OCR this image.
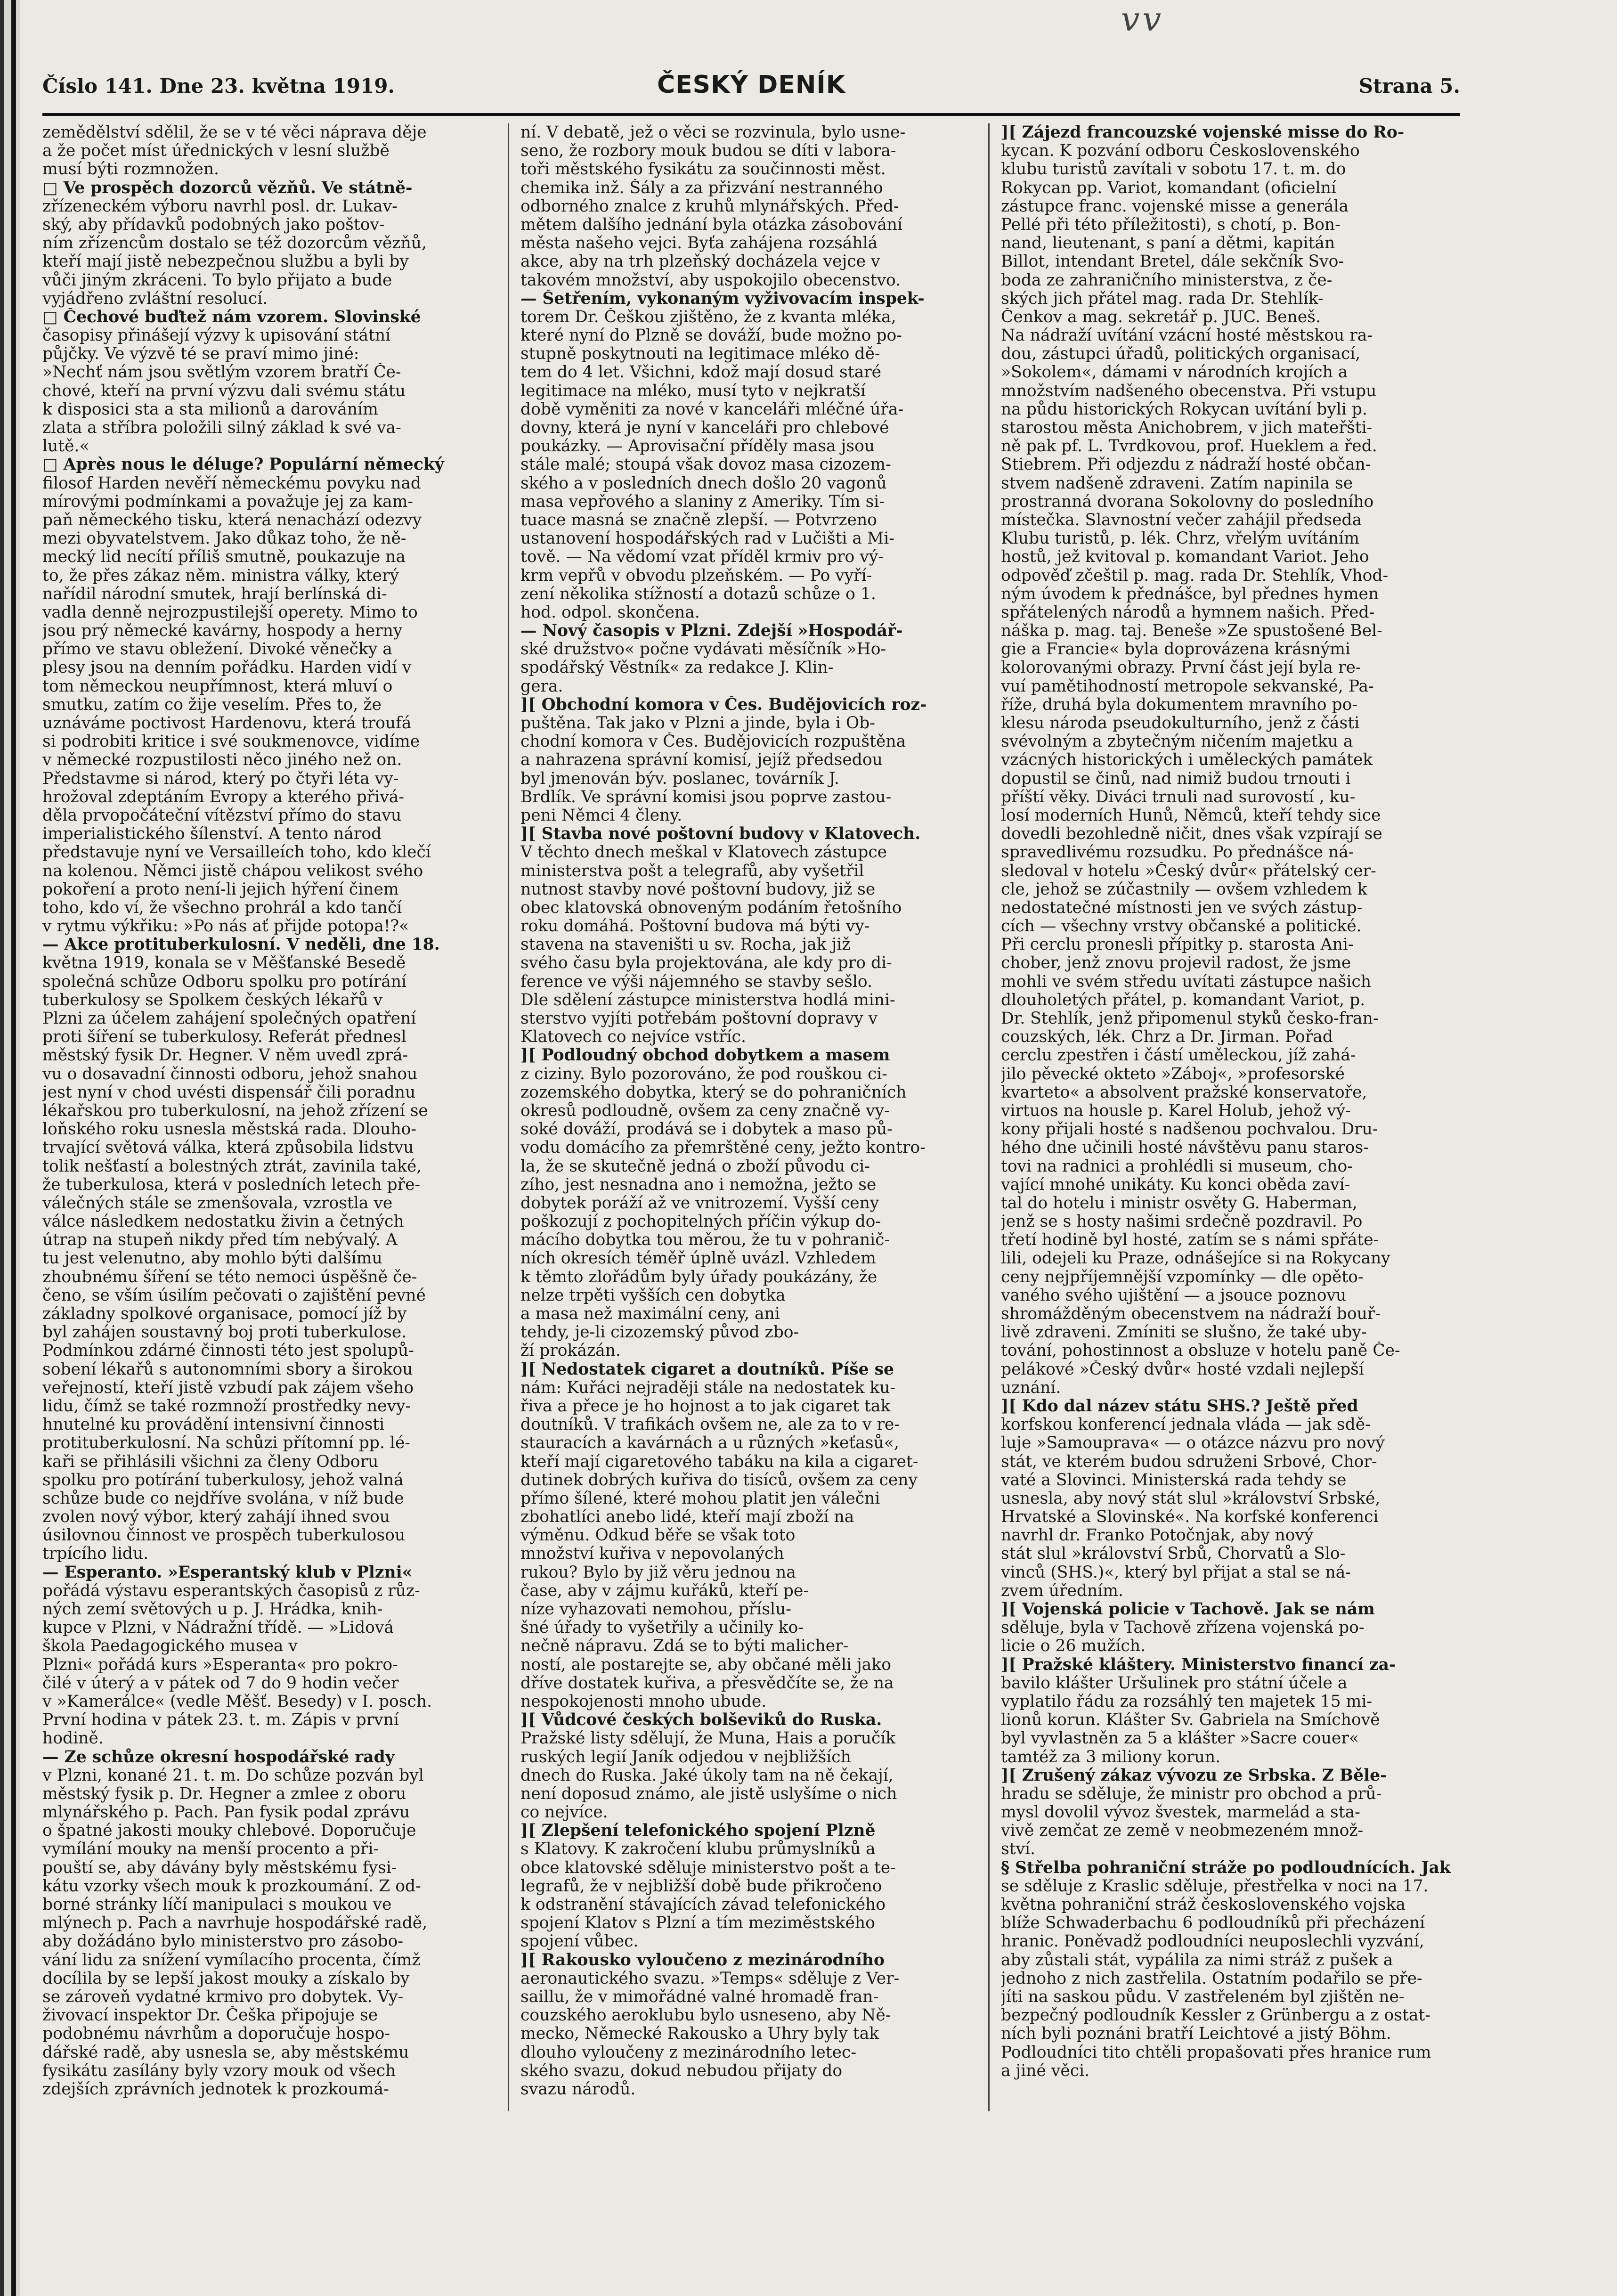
vv
Číslo 141. Dne 23. května 1919.	ČESKÝ DENÍK	Strana 5.
zemědělství sdělil, že se v té věci náprava děje
a že počet míst úřednických v lesní službě
musí býti rozmnožen.
□ Ve prospěch dozorců vězňů. Ve státně-
zřízeneckém výboru navrhl posl. dr. Lukav-
ský, aby přídavků podobných jako poštov-
ním zřízencům dostalo se též dozorcům vězňů,
kteří mají jistě nebezpečnou službu a byli by
vůči jiným zkráceni. To bylo přijato a bude
vyjádřeno zvláštní resolucí.
□ Čechové buďtež nám vzorem. Slovinské
časopisy přinášejí výzvy k upisování státní
půjčky. Ve výzvě té se praví mimo jiné:
»Nechť nám jsou světlým vzorem bratří Če-
chové, kteří na první výzvu dali svému státu
k disposici sta a sta milionů a darováním
zlata a stříbra položili silný základ k své va-
lutě.«
□ Après nous le déluge? Populární německý
filosof Harden nevěří německému povyku nad
mírovými podmínkami a považuje jej za kam-
paň německého tisku, která nenachází odezvy
mezi obyvatelstvem. Jako důkaz toho, že ně-
mecký lid necítí příliš smutně, poukazuje na
to, že přes zákaz něm. ministra války, který
nařídil národní smutek, hrají berlínská di-
vadla denně nejrozpustilejší operety. Mimo to
jsou prý německé kavárny, hospody a herny
přímo ve stavu obležení. Divoké věnečky a
plesy jsou na denním pořádku. Harden vidí v
tom německou neupřímnost, která mluví o
smutku, zatím co žije veselím. Přes to, že
uznáváme poctivost Hardenovu, která troufá
si podrobiti kritice i své soukmenovce, vidíme
v německé rozpustilosti něco jiného než on.
Představme si národ, který po čtyři léta vy-
hrožoval zdeptáním Evropy a kterého přivá-
děla prvopočáteční vítězství přímo do stavu
imperialistického šílenství. A tento národ
představuje nyní ve Versailleích toho, kdo klečí
na kolenou. Němci jistě chápou velikost svého
pokoření a proto není-li jejich hýření činem
toho, kdo ví, že všechno prohrál a kdo tančí
v rytmu výkřiku: »Po nás ať přijde potopa!?«
— Akce protituberkulosní. V neděli, dne 18.
května 1919, konala se v Měšťanské Besedě
společná schůze Odboru spolku pro potírání
tuberkulosy se Spolkem českých lékařů v
Plzni za účelem zahájení společných opatření
proti šíření se tuberkulosy. Referát přednesl
městský fysik Dr. Hegner. V něm uvedl zprá-
vu o dosavadní činnosti odboru, jehož snahou
jest nyní v chod uvésti dispensář čili poradnu
lékařskou pro tuberkulosní, na jehož zřízení se
loňského roku usnesla městská rada. Dlouho-
trvající světová válka, která způsobila lidstvu
tolik nešťastí a bolestných ztrát, zavinila také,
že tuberkulosa, která v posledních letech pře-
válečných stále se zmenšovala, vzrostla ve
válce následkem nedostatku živin a četných
útrap na stupeň nikdy před tím nebývalý. A
tu jest velenutno, aby mohlo býti dalšímu
zhoubnému šíření se této nemoci úspěšně če-
čeno, se vším úsilím pečovati o zajištění pevné
základny spolkové organisace, pomocí jíž by
byl zahájen soustavný boj proti tuberkulose.
Podmínkou zdárné činnosti této jest spolupů-
sobení lékařů s autonomními sbory a širokou
veřejností, kteří jistě vzbudí pak zájem všeho
lidu, čímž se také rozmnoží prostředky nevy-
hnutelné ku provádění intensivní činnosti
protituberkulosní. Na schůzi přítomní pp. lé-
kaři se přihlásili všichni za členy Odboru
spolku pro potírání tuberkulosy, jehož valná
schůze bude co nejdříve svolána, v níž bude
zvolen nový výbor, který zahájí ihned svou
úsilovnou činnost ve prospěch tuberkulosou
trpícího lidu.
— Esperanto. »Esperantský klub v Plzni«
pořádá výstavu esperantských časopisů z růz-
ných zemí světových u p. J. Hrádka, knih-
kupce v Plzni, v Nádražní třídě. — »Lidová
škola Paedagogického musea v
Plzni« pořádá kurs »Esperanta« pro pokro-
čilé v úterý a v pátek od 7 do 9 hodin večer
v »Kamerálce« (vedle Měšť. Besedy) v I. posch.
První hodina v pátek 23. t. m. Zápis v první
hodině.
— Ze schůze okresní hospodářské rady
v Plzni, konané 21. t. m. Do schůze pozván byl
městský fysik p. Dr. Hegner a zmlee z oboru
mlynářského p. Pach. Pan fysik podal zprávu
o špatné jakosti mouky chlebové. Doporučuje
vymílání mouky na menší procento a při-
pouští se, aby dávány byly městskému fysi-
kátu vzorky všech mouk k prozkoumání. Z od-
borné stránky líčí manipulaci s moukou ve
mlýnech p. Pach a navrhuje hospodářské radě,
aby dožádáno bylo ministerstvo pro zásobo-
vání lidu za snížení vymílacího procenta, čímž
docílila by se lepší jakost mouky a získalo by
se zároveň vydatné krmivo pro dobytek. Vy-
živovací inspektor Dr. Češka připojuje se
podobnému návrhům a doporučuje hospo-
dářské radě, aby usnesla se, aby městskému
fysikátu zasílány byly vzory mouk od všech
zdejších zprávních jednotek k prozkoumá-
ní. V debatě, jež o věci se rozvinula, bylo usne-
seno, že rozbory mouk budou se díti v labora-
toři městského fysikátu za součinnosti měst.
chemika inž. Šály a za přizvání nestranného
odborného znalce z kruhů mlynářských. Před-
mětem dalšího jednání byla otázka zásobování
města našeho vejci. Byťa zahájena rozsáhlá
akce, aby na trh plzeňský docházela vejce v
takovém množství, aby uspokojilo obecenstvo.
— Šetřením, vykonaným vyživovacím inspek-
torem Dr. Češkou zjištěno, že z kvanta mléka,
které nyní do Plzně se dováží, bude možno po-
stupně poskytnouti na legitimace mléko dě-
tem do 4 let. Všichni, kdož mají dosud staré
legitimace na mléko, musí tyto v nejkratší
době vyměniti za nové v kanceláři mléčné úřa-
dovny, která je nyní v kanceláři pro chlebové
poukázky. — Aprovisační příděly masa jsou
stále malé; stoupá však dovoz masa cizozem-
ského a v posledních dnech došlo 20 vagonů
masa vepřového a slaniny z Ameriky. Tím si-
tuace masná se značně zlepší. — Potvrzeno
ustanovení hospodářských rad v Lučišti a Mi-
tově. — Na vědomí vzat příděl krmiv pro vý-
krm vepřů v obvodu plzeňském. — Po vyří-
zení několika stížností a dotazů schůze o 1.
hod. odpol. skončena.
— Nový časopis v Plzni. Zdejší »Hospodář-
ské družstvo« počne vydávati měsíčník »Ho-
spodářský Věstník« za redakce J. Klin-
gera.
][ Obchodní komora v Čes. Budějovicích roz-
puštěna. Tak jako v Plzni a jinde, byla i Ob-
chodní komora v Čes. Budějovicích rozpuštěna
a nahrazena správní komisí, jejíž předsedou
byl jmenován býv. poslanec, továrník J.
Brdlík. Ve správní komisi jsou poprve zastou-
peni Němci 4 členy.
][ Stavba nové poštovní budovy v Klatovech.
V těchto dnech meškal v Klatovech zástupce
ministerstva pošt a telegrafů, aby vyšetřil
nutnost stavby nové poštovní budovy, již se
obec klatovská obnoveným podáním řetošního
roku domáhá. Poštovní budova má býti vy-
stavena na staveništi u sv. Rocha, jak již
svého času byla projektována, ale kdy pro di-
ference ve výši nájemného se stavby sešlo.
Dle sdělení zástupce ministerstva hodlá mini-
sterstvo vyjíti potřebám poštovní dopravy v
Klatovech co nejvíce vstříc.
][ Podloudný obchod dobytkem a masem
z ciziny. Bylo pozorováno, že pod rouškou ci-
zozemského dobytka, který se do pohraničních
okresů podloudně, ovšem za ceny značně vy-
soké dováží, prodává se i dobytek a maso pů-
vodu domácího za přemrštěné ceny, ježto kontro-
la, že se skutečně jedná o zboží původu ci-
zího, jest nesnadna ano i nemožna, ježto se
dobytek poráží až ve vnitrozemí. Vyšší ceny
poškozují z pochopitelných příčin výkup do-
mácího dobytka tou měrou, že tu v pohranič-
ních okresích téměř úplně uvázl. Vzhledem
k těmto zlořádům byly úřady poukázány, že
nelze trpěti vyšších cen dobytka
a masa než maximální ceny, ani
tehdy, je-li cizozemský původ zbo-
ží prokázán.
][ Nedostatek cigaret a doutníků. Píše se
nám: Kuřáci nejraději stále na nedostatek ku-
řiva a přece je ho hojnost a to jak cigaret tak
doutníků. V trafikách ovšem ne, ale za to v re-
stauracích a kavárnách a u různých »keťasů«,
kteří mají cigaretového tabáku na kila a cigaret-
dutinek dobrých kuřiva do tisíců, ovšem za ceny
přímo šílené, které mohou platit jen válečni
zbohatlíci anebo lidé, kteří mají zboží na
výměnu. Odkud běře se však toto
množství kuřiva v nepovolaných
rukou? Bylo by již věru jednou na
čase, aby v zájmu kuřáků, kteří pe-
níze vyhazovati nemohou, příslu-
šné úřady to vyšetřily a učinily ko-
nečně nápravu. Zdá se to býti malicher-
ností, ale postarejte se, aby občané měli jako
dříve dostatek kuřiva, a přesvědčíte se, že na
nespokojenosti mnoho ubude.
][ Vůdcové českých bolševiků do Ruska.
Pražské listy sdělují, že Muna, Hais a poručík
ruských legií Janík odjedou v nejbližších
dnech do Ruska. Jaké úkoly tam na ně čekají,
není doposud známo, ale jistě uslyšíme o nich
co nejvíce.
][ Zlepšení telefonického spojení Plzně
s Klatovy. K zakročení klubu průmyslníků a
obce klatovské sděluje ministerstvo pošt a te-
legrafů, že v nejbližší době bude přikročeno
k odstranění stávajících závad telefonického
spojení Klatov s Plzní a tím meziměstského
spojení vůbec.
][ Rakousko vyloučeno z mezinárodního
aeronautického svazu. »Temps« sděluje z Ver-
saillu, že v mimořádné valné hromadě fran-
couzského aeroklubu bylo usneseno, aby Ně-
mecko, Německé Rakousko a Uhry byly tak
dlouho vyloučeny z mezinárodního letec-
ského svazu, dokud nebudou přijaty do
svazu národů.
][ Zájezd francouzské vojenské misse do Ro-
kycan. K pozvání odboru Československého
klubu turistů zavítali v sobotu 17. t. m. do
Rokycan pp. Variot, komandant (oficielní
zástupce franc. vojenské misse a generála
Pellé při této příležitosti), s chotí, p. Bon-
nand, lieutenant, s paní a dětmi, kapitán
Billot, intendant Bretel, dále sekčník Svo-
boda ze zahraničního ministerstva, z če-
ských jich přátel mag. rada Dr. Stehlík-
Čenkov a mag. sekretář p. JUC. Beneš.
Na nádraží uvítání vzácní hosté městskou ra-
dou, zástupci úřadů, politických organisací,
»Sokolem«, dámami v národních krojích a
množstvím nadšeného obecenstva. Při vstupu
na půdu historických Rokycan uvítání byli p.
starostou města Anichobrem, v jich mateřšti-
ně pak pf. L. Tvrdkovou, prof. Hueklem a řed.
Stiebrem. Při odjezdu z nádraží hosté občan-
stvem nadšeně zdraveni. Zatím napinila se
prostranná dvorana Sokolovny do posledního
místečka. Slavnostní večer zahájil předseda
Klubu turistů, p. lék. Chrz, vřelým uvítáním
hostů, jež kvitoval p. komandant Variot. Jeho
odpověď zčeštil p. mag. rada Dr. Stehlík, Vhod-
ným úvodem k přednášce, byl přednes hymen
spřátelených národů a hymnem našich. Před-
náška p. mag. taj. Benešе »Ze spustošené Bel-
gie a Francie« byla doprovázena krásnými
kolorovanými obrazy. První část její byla re-
vuí pamětihodností metropole sekvanské, Pa-
říže, druhá byla dokumentem mravního po-
klesu národa pseudokulturního, jenž z části
svévolným a zbytečným ničením majetku a
vzácných historických i uměleckých památek
dopustil se činů, nad nimiž budou trnouti i
příští věky. Diváci trnuli nad surovostí , ku-
losí moderních Hunů, Němců, kteří tehdy sice
dovedli bezohledně ničit, dnes však vzpírají se
spravedlivému rozsudku. Po přednášce ná-
sledoval v hotelu »Český dvůr« přátelský cer-
cle, jehož se zúčastnily — ovšem vzhledem k
nedostatečné místnosti jen ve svých zástup-
cích — všechny vrstvy občanské a politické.
Při cerclu pronesli přípitky p. starosta Ani-
chober, jenž znovu projevil radost, že jsme
mohli ve svém středu uvítati zástupce našich
dlouholetých přátel, p. komandant Variot, p.
Dr. Stehlík, jenž připomenul styků česko-fran-
couzských, lék. Chrz a Dr. Jirman. Pořad
cerclu zpestřen i částí uměleckou, jíž zahá-
jilo pěvecké okteto »Záboj«, »profesorské
kvarteto« a absolvent pražské konservatoře,
virtuos na housle p. Karel Holub, jehož vý-
kony přijali hosté s nadšenou pochvalou. Dru-
hého dne učinili hosté návštěvu panu staros-
tovi na radnici a prohlédli si museum, cho-
vající mnohé unikáty. Ku konci oběda zaví-
tal do hotelu i ministr osvěty G. Haberman,
jenž se s hosty našimi srdečně pozdravil. Po
třetí hodině byl hosté, zatím se s námi spřáte-
lili, odejeli ku Praze, odnášejíce si na Rokycany
ceny nejpříjemnější vzpomínky — dle opěto-
vaného svého ujištění — a jsouce poznovu
shromážděným obecenstvem na nádraží bouř-
livě zdraveni. Zmíniti se slušno, že také uby-
tování, pohostinnost a obsluze v hotelu paně Če-
pelákové »Český dvůr« hosté vzdali nejlepší
uznání.
][ Kdo dal název státu SHS.? Ještě před
korfskou konferencí jednala vláda — jak sdě-
luje »Samouprava« — o otázce názvu pro nový
stát, ve kterém budou sdruženi Srbové, Chor-
vaté a Slovinci. Ministerská rada tehdy se
usnesla, aby nový stát slul »království Srbské,
Hrvatské a Slovinské«. Na korfské konferenci
navrhl dr. Franko Potočnjak, aby nový
stát slul »království Srbů, Chorvatů a Slo-
vinců (SHS.)«, který byl přijat a stal se ná-
zvem úředním.
][ Vojenská policie v Tachově. Jak se nám
sděluje, byla v Tachově zřízena vojenská po-
licie o 26 mužích.
][ Pražské kláštery. Ministerstvo financí za-
bavilo klášter Uršulinek pro státní účele a
vyplatilo řádu za rozsáhlý ten majetek 15 mi-
lionů korun. Klášter Sv. Gabriela na Smíchově
byl vyvlastněn za 5 a klášter »Sacre couer«
tamtéž za 3 miliony korun.
][ Zrušený zákaz vývozu ze Srbska. Z Běle-
hradu se sděluje, že ministr pro obchod a prů-
mysl dovolil vývoz švestek, marmelád a sta-
vivě zemčat ze země v neobmezeném množ-
ství.
§ Střelba pohraniční stráže po podloudnících. Jak
se sděluje z Kraslic sděluje, přestřelka v noci na 17.
května pohraniční stráž československého vojska
blíže Schwaderbachu 6 podloudníků při přecházení
hranic. Poněvadž podloudníci neuposlechli vyzvání,
aby zůstali stát, vypálila za nimi stráž z pušek a
jednoho z nich zastřelila. Ostatním podařilo se pře-
jíti na saskou půdu. V zastřeleném byl zjištěn ne-
bezpečný podloudník Kessler z Grünbergu a z ostat-
ních byli poznáni bratří Leichtové a jistý Böhm.
Podloudníci tito chtěli propašovati přes hranice rum
a jiné věci.
